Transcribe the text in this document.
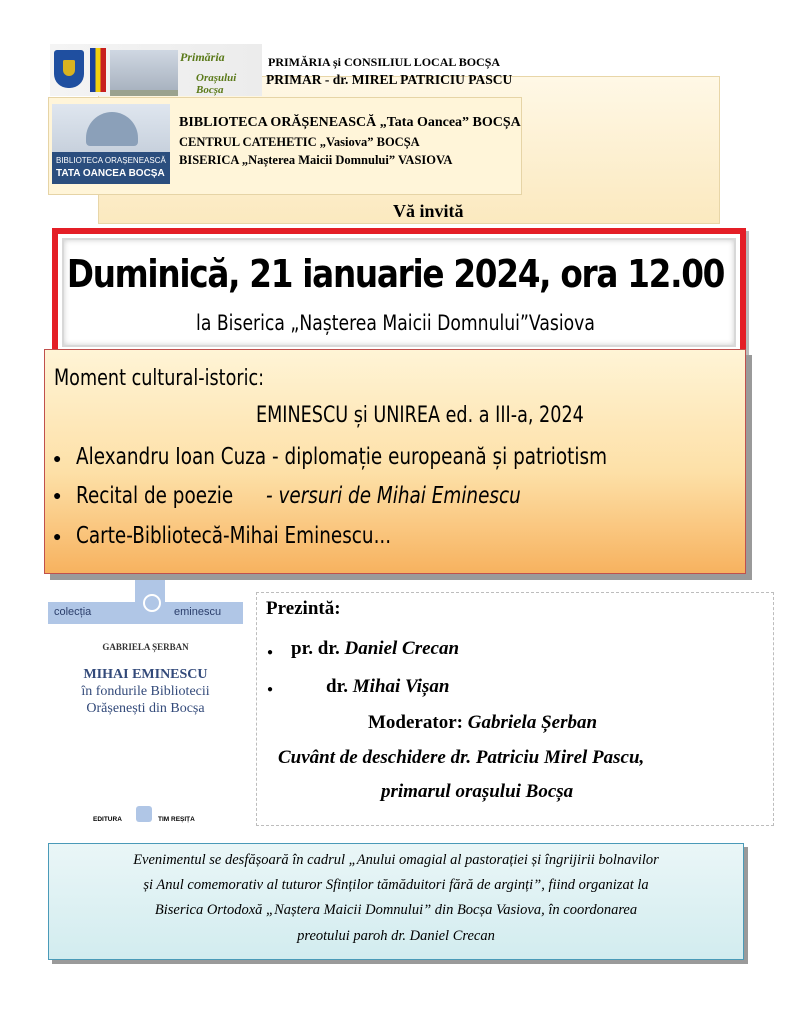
Primăria
Orașului Bocșa
PRIMĂRIA și CONSILIUL LOCAL BOCȘA
PRIMAR - dr. MIREL PATRICIU PASCU
BIBLIOTECA ORAȘENEASCĂ
TATA OANCEA BOCȘA
BIBLIOTECA ORĂȘENEASCĂ „Tata Oancea” BOCȘA
CENTRUL CATEHETIC „Vasiova” BOCȘA
BISERICA „Nașterea Maicii Domnului” VASIOVA
Vă invită
Duminică, 21 ianuarie 2024, ora 12.00
la Biserica „Nașterea Maicii Domnului”Vasiova
Moment cultural-istoric:
EMINESCU și UNIREA ed. a III-a, 2024
● Alexandru Ioan Cuza - diplomație europeană și patriotism
● Recital de poezie - versuri de Mihai Eminescu
● Carte-Bibliotecă-Mihai Eminescu...
colecția	eminescu
GABRIELA ȘERBAN
MIHAI EMINESCU
în fondurile Bibliotecii
Orășenești din Bocșa
EDITURA	TIM REȘIȚA
Prezintă:
● pr. dr. Daniel Crecan
●	dr. Mihai Vișan
Moderator: Gabriela Șerban
Cuvânt de deschidere dr. Patriciu Mirel Pascu,
primarul orașului Bocșa
Evenimentul se desfășoară în cadrul „Anului omagial al pastorației și îngrijirii bolnavilor
și Anul comemorativ al tuturor Sfinților tămăduitori fără de arginți”, fiind organizat la
Biserica Ortodoxă „Naștera Maicii Domnului” din Bocșa Vasiova, în coordonarea
preotului paroh dr. Daniel Crecan
